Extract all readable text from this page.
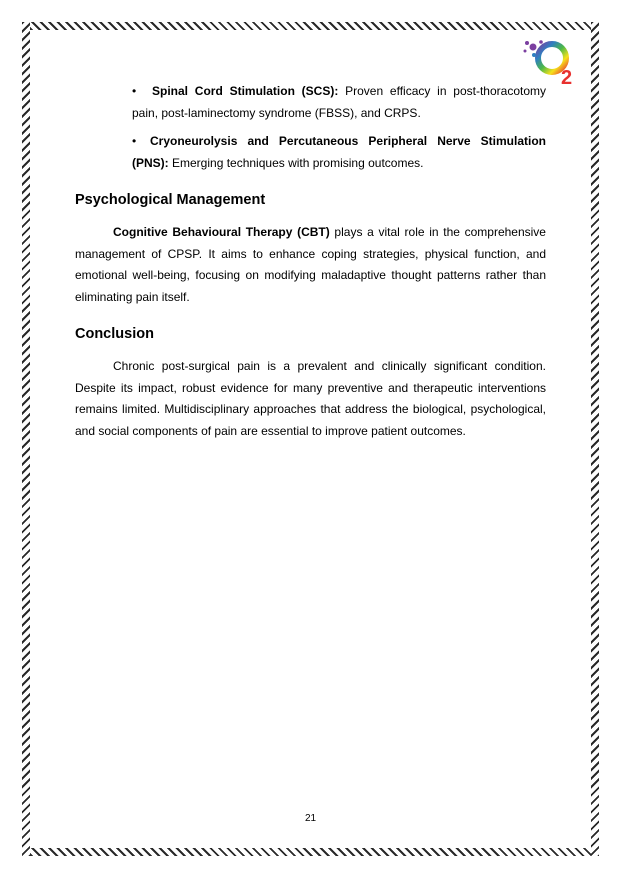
2
•	Spinal Cord Stimulation (SCS): Proven efficacy in post-thoracotomy pain, post-laminectomy syndrome (FBSS), and CRPS.
•	Cryoneurolysis and Percutaneous Peripheral Nerve Stimulation (PNS): Emerging techniques with promising outcomes.
Psychological Management

Cognitive Behavioural Therapy (CBT) plays a vital role in the comprehensive management of CPSP. It aims to enhance coping strategies, physical function, and emotional well-being, focusing on modifying maladaptive thought patterns rather than eliminating pain itself.

Conclusion

Chronic post-surgical pain is a prevalent and clinically significant condition. Despite its impact, robust evidence for many preventive and therapeutic interventions remains limited. Multidisciplinary approaches that address the biological, psychological, and social components of pain are essential to improve patient outcomes.

21
